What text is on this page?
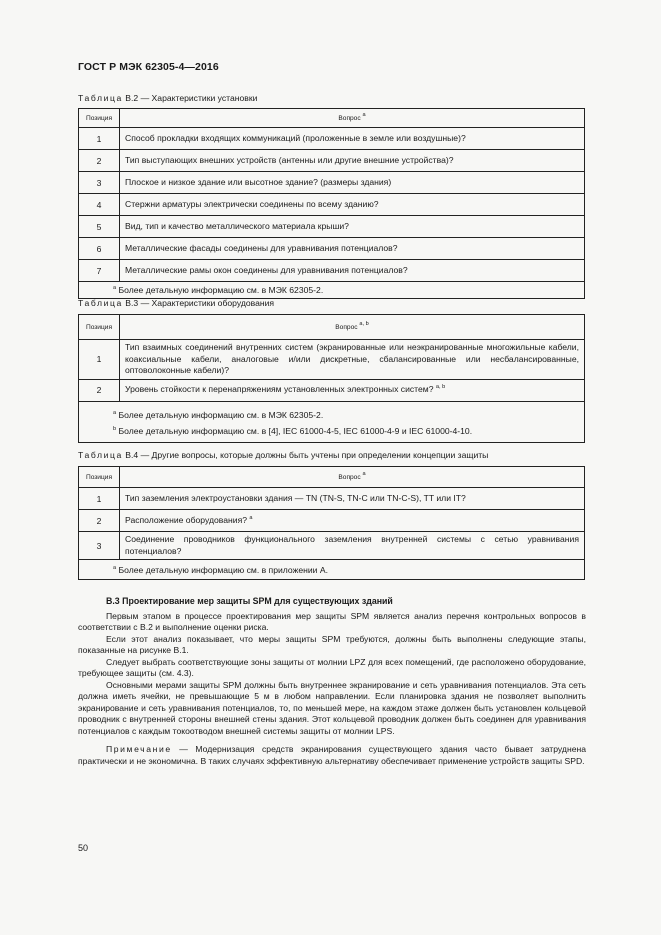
ГОСТ Р МЭК 62305-4—2016
Таблица В.2 — Характеристики установки
Позиция	Вопрос $^a$
1	Способ прокладки входящих коммуникаций (проложенные в земле или воздушные)?
2	Тип выступающих внешних устройств (антенны или другие внешние устройства)?
3	Плоское и низкое здание или высотное здание? (размеры здания)
4	Стержни арматуры электрически соединены по всему зданию?
5	Вид, тип и качество металлического материала крыши?
6	Металлические фасады соединены для уравнивания потенциалов?
7	Металлические рамы окон соединены для уравнивания потенциалов?
$^a$ Более детальную информацию см. в МЭК 62305-2.	
Таблица В.3 — Характеристики оборудования
Позиция	Вопрос $^{а, b}$
1	Тип взаимных соединений внутренних систем (экранированные или неэкранированные многожильные кабели, коаксиальные кабели, аналоговые и/или дискретные, сбалансированные или несбалансированные, оптоволоконные кабели)?
2	Уровень стойкости к перенапряжениям установленных электронных систем? $^{а, b}$

$^a$ Более детальную информацию см. в МЭК 62305-2.
$^b$ Более детальную информацию см. в [4], IEC 61000-4-5, IEC 61000-4-9 и IEC 61000-4-10.	
Таблица В.4 — Другие вопросы, которые должны быть учтены при определении концепции защиты
Позиция	Вопрос $^а$
1	Тип заземления электроустановки здания — TN (TN-S, TN-C или TN-C-S), TT или IT?
2	Расположение оборудования? $^а$
3	Соединение проводников функционального заземления внутренней системы с сетью уравнивания потенциалов?
$^а$ Более детальную информацию см. в приложении А.	
В.3 Проектирование мер защиты SPM для существующих зданий

Первым этапом в процессе проектирования мер защиты SPM является анализ перечня контрольных вопросов в соответствии с В.2 и выполнение оценки риска.

Если этот анализ показывает, что меры защиты SPM требуются, должны быть выполнены следующие этапы, показанные на рисунке В.1.

Следует выбрать соответствующие зоны защиты от молнии LPZ для всех помещений, где расположено оборудование, требующее защиты (см. 4.3).

Основными мерами защиты SPM должны быть внутреннее экранирование и сеть уравнивания потенциалов. Эта сеть должна иметь ячейки, не превышающие 5 м в любом направлении. Если планировка здания не позволяет выполнить экранирование и сеть уравнивания потенциалов, то, по меньшей мере, на каждом этаже должен быть установлен кольцевой проводник с внутренней стороны внешней стены здания. Этот кольцевой проводник должен быть соединен для уравнивания потенциалов с каждым токоотводом внешней системы защиты от молнии LPS.

Примечание — Модернизация средств экранирования существующего здания часто бывает затруднена практически и не экономична. В таких случаях эффективную альтернативу обеспечивает применение устройств защиты SPD.

50
